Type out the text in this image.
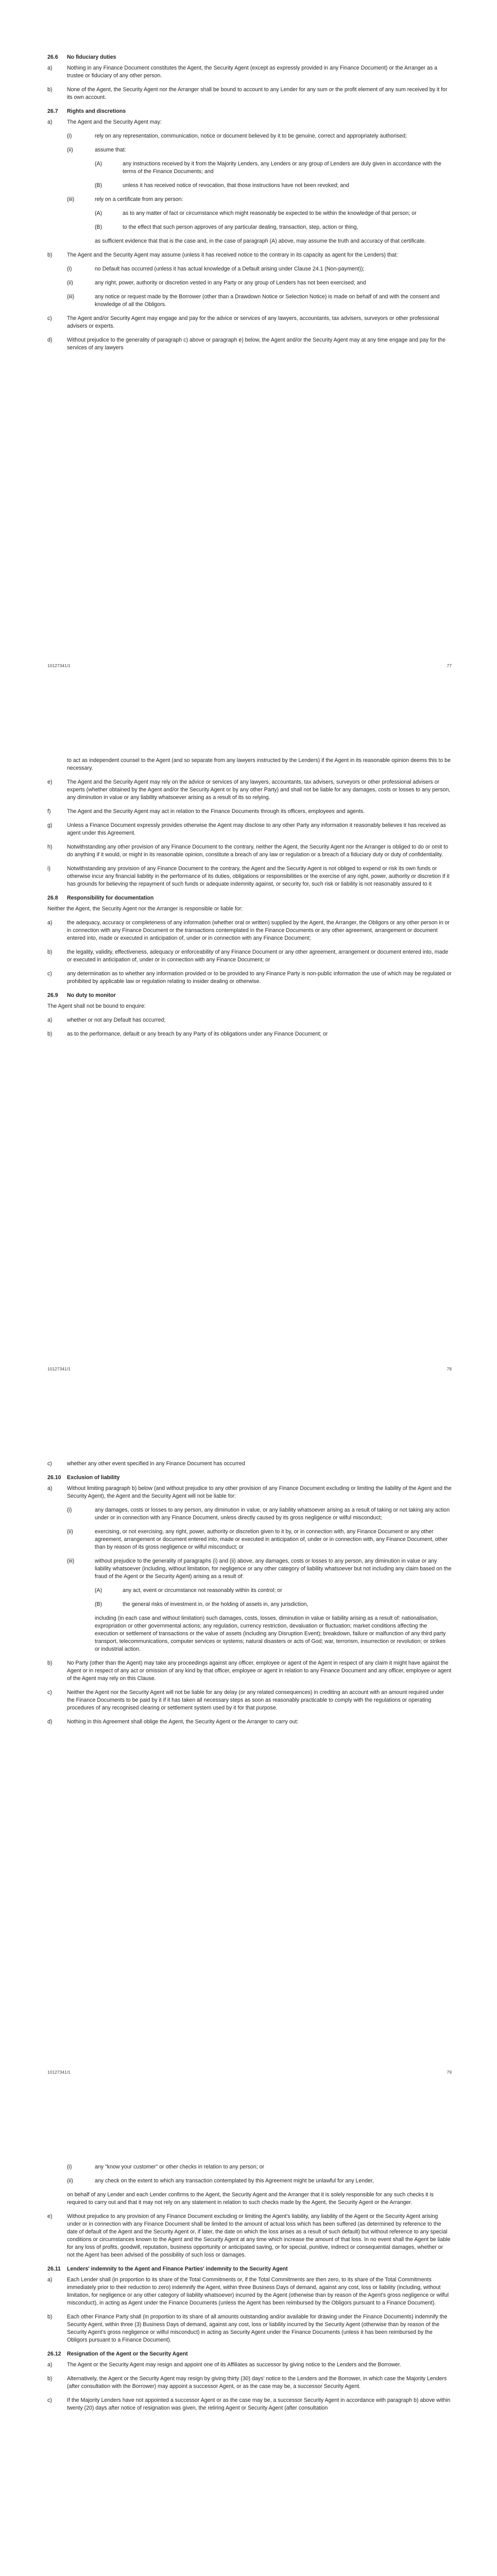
26.6 No fiduciary duties
a)	Nothing in any Finance Document constitutes the Agent, the Security Agent (except as expressly provided in any Finance Document) or the Arranger as a trustee or fiduciary of any other person.

b)	None of the Agent, the Security Agent nor the Arranger shall be bound to account to any Lender for any sum or the profit element of any sum received by it for its own account.

26.7 Rights and discretions
a)	The Agent and the Security Agent may:

(i)	rely on any representation, communication, notice or document believed by it to be genuine, correct and appropriately authorised;

(ii)	assume that:

(A)	any instructions received by it from the Majority Lenders, any Lenders or any group of Lenders are duly given in accordance with the terms of the Finance Documents; and

(B)	unless it has received notice of revocation, that those instructions have not been revoked; and

(iii)	rely on a certificate from any person:

(A)	as to any matter of fact or circumstance which might reasonably be expected to be within the knowledge of that person; or

(B)	to the effect that such person approves of any particular dealing, transaction, step, action or thing,

as sufficient evidence that that is the case and, in the case of paragraph (A) above, may assume the truth and accuracy of that certificate.

b)	The Agent and the Security Agent may assume (unless it has received notice to the contrary in its capacity as agent for the Lenders) that:

(i)	no Default has occurred (unless it has actual knowledge of a Default arising under Clause 24.1 (Non-payment));

(ii)	any right, power, authority or discretion vested in any Party or any group of Lenders has not been exercised; and

(iii)	any notice or request made by the Borrower (other than a Drawdown Notice or Selection Notice) is made on behalf of and with the consent and knowledge of all the Obligors.

c)	The Agent and/or Security Agent may engage and pay for the advice or services of any lawyers, accountants, tax advisers, surveyors or other professional advisers or experts.

d)	Without prejudice to the generality of paragraph c) above or paragraph e) below, the Agent and/or the Security Agent may at any time engage and pay for the services of any lawyers

10127341/1	77

to act as independent counsel to the Agent (and so separate from any lawyers instructed by the Lenders) if the Agent in its reasonable opinion deems this to be necessary.

e)	The Agent and the Security Agent may rely on the advice or services of any lawyers, accountants, tax advisers, surveyors or other professional advisers or experts (whether obtained by the Agent and/or the Security Agent or by any other Party) and shall not be liable for any damages, costs or losses to any person, any diminution in value or any liability whatsoever arising as a result of its so relying.

f)	The Agent and the Security Agent may act in relation to the Finance Documents through its officers, employees and agents.

g)	Unless a Finance Document expressly provides otherwise the Agent may disclose to any other Party any information it reasonably believes it has received as agent under this Agreement.

h)	Notwithstanding any other provision of any Finance Document to the contrary, neither the Agent, the Security Agent nor the Arranger is obliged to do or omit to do anything if it would, or might in its reasonable opinion, constitute a breach of any law or regulation or a breach of a fiduciary duty or duty of confidentiality.

i)	Notwithstanding any provision of any Finance Document to the contrary, the Agent and the Security Agent is not obliged to expend or risk its own funds or otherwise incur any financial liability in the performance of its duties, obligations or responsibilities or the exercise of any right, power, authority or discretion if it has grounds for believing the repayment of such funds or adequate indemnity against, or security for, such risk or liability is not reasonably assured to it

26.8 Responsibility for documentation

Neither the Agent, the Security Agent nor the Arranger is responsible or liable for:

a)	the adequacy, accuracy or completeness of any information (whether oral or written) supplied by the Agent, the Arranger, the Obligors or any other person in or in connection with any Finance Document or the transactions contemplated in the Finance Documents or any other agreement, arrangement or document entered into, made or executed in anticipation of, under or in connection with any Finance Document;

b)	the legality, validity, effectiveness, adequacy or enforceability of any Finance Document or any other agreement, arrangement or document entered into, made or executed in anticipation of, under or in connection with any Finance Document; or

c)	any determination as to whether any information provided or to be provided to any Finance Party is non-public information the use of which may be regulated or prohibited by applicable law or regulation relating to insider dealing or otherwise.

26.9 No duty to monitor

The Agent shall not be bound to enquire:

a)	whether or not any Default has occurred;

b)	as to the performance, default or any breach by any Party of its obligations under any Finance Document; or

10127341/1	78
c)	whether any other event specified in any Finance Document has occurred

26.10 Exclusion of liability
a)	Without limiting paragraph b) below (and without prejudice to any other provision of any Finance Document excluding or limiting the liability of the Agent and the Security Agent), the Agent and the Security Agent will not be liable for:

(i)	any damages, costs or losses to any person, any diminution in value, or any liability whatsoever arising as a result of taking or not taking any action under or in connection with any Finance Document, unless directly caused by its gross negligence or wilful misconduct;

(ii)	exercising, or not exercising, any right, power, authority or discretion given to it by, or in connection with, any Finance Document or any other agreement, arrangement or document entered into, made or executed in anticipation of, under or in connection with, any Finance Document, other than by reason of its gross negligence or wilful misconduct; or

(iii)	without prejudice to the generality of paragraphs (i) and (ii) above, any damages, costs or losses to any person, any diminution in value or any liability whatsoever (including, without limitation, for negligence or any other category of liability whatsoever but not including any claim based on the fraud of the Agent or the Security Agent) arising as a result of:

(A)	any act, event or circumstance not reasonably within its control; or

(B)	the general risks of investment in, or the holding of assets in, any jurisdiction,

including (in each case and without limitation) such damages, costs, losses, diminution in value or liability arising as a result of: nationalisation, expropriation or other governmental actions; any regulation, currency restriction, devaluation or fluctuation; market conditions affecting the execution or settlement of transactions or the value of assets (including any Disruption Event); breakdown, failure or malfunction of any third party transport, telecommunications, computer services or systems; natural disasters or acts of God; war, terrorism, insurrection or revolution; or strikes or industrial action.

b)	No Party (other than the Agent) may take any proceedings against any officer, employee or agent of the Agent in respect of any claim it might have against the Agent or in respect of any act or omission of any kind by that officer, employee or agent in relation to any Finance Document and any officer, employee or agent of the Agent may rely on this Clause.

c)	Neither the Agent nor the Security Agent will not be liable for any delay (or any related consequences) in crediting an account with an amount required under the Finance Documents to be paid by it if it has taken all necessary steps as soon as reasonably practicable to comply with the regulations or operating procedures of any recognised clearing or settlement system used by it for that purpose.

d)	Nothing in this Agreement shall oblige the Agent, the Security Agent or the Arranger to carry out:

10127341/1	79
(i)	any "know your customer" or other checks in relation to any person; or

(ii)	any check on the extent to which any transaction contemplated by this Agreement might be unlawful for any Lender,

on behalf of any Lender and each Lender confirms to the Agent, the Security Agent and the Arranger that it is solely responsible for any such checks it is required to carry out and that it may not rely on any statement in relation to such checks made by the Agent, the Security Agent or the Arranger.

e)	Without prejudice to any provision of any Finance Document excluding or limiting the Agent's liability, any liability of the Agent or the Security Agent arising under or in connection with any Finance Document shall be limited to the amount of actual loss which has been suffered (as determined by reference to the date of default of the Agent and the Security Agent or, if later, the date on which the loss arises as a result of such default) but without reference to any special conditions or circumstances known to the Agent and the Security Agent at any time which increase the amount of that loss. In no event shall the Agent be liable for any loss of profits, goodwill, reputation, business opportunity or anticipated saving, or for special, punitive, indirect or consequential damages, whether or not the Agent has been advised of the possibility of such loss or damages.

26.11 Lenders' indemnity to the Agent and Finance Parties' indemnity to the Security Agent
a)	Each Lender shall (in proportion to its share of the Total Commitments or, if the Total Commitments are then zero, to its share of the Total Commitments immediately prior to their reduction to zero) indemnify the Agent, within three Business Days of demand, against any cost, loss or liability (including, without limitation, for negligence or any other category of liability whatsoever) incurred by the Agent (otherwise than by reason of the Agent's gross negligence or wilful misconduct), in acting as Agent under the Finance Documents (unless the Agent has been reimbursed by the Obligors pursuant to a Finance Document).

b)	Each other Finance Party shall (in proportion to its share of all amounts outstanding and/or available for drawing under the Finance Documents) indemnify the Security Agent, within three (3) Business Days of demand, against any cost, loss or liability incurred by the Security Agent (otherwise than by reason of the Security Agent's gross negligence or wilful misconduct) in acting as Security Agent under the Finance Documents (unless it has been reimbursed by the Obligors pursuant to a Finance Document).

26.12 Resignation of the Agent or the Security Agent
a)	The Agent or the Security Agent may resign and appoint one of its Affiliates as successor by giving notice to the Lenders and the Borrower.

b)	Alternatively, the Agent or the Security Agent may resign by giving thirty (30) days' notice to the Lenders and the Borrower, in which case the Majority Lenders (after consultation with the Borrower) may appoint a successor Agent, or as the case may be, a successor Security Agent.

c)	If the Majority Lenders have not appointed a successor Agent or as the case may be, a successor Security Agent in accordance with paragraph b) above within twenty (20) days after notice of resignation was given, the retiring Agent or Security Agent (after consultation
